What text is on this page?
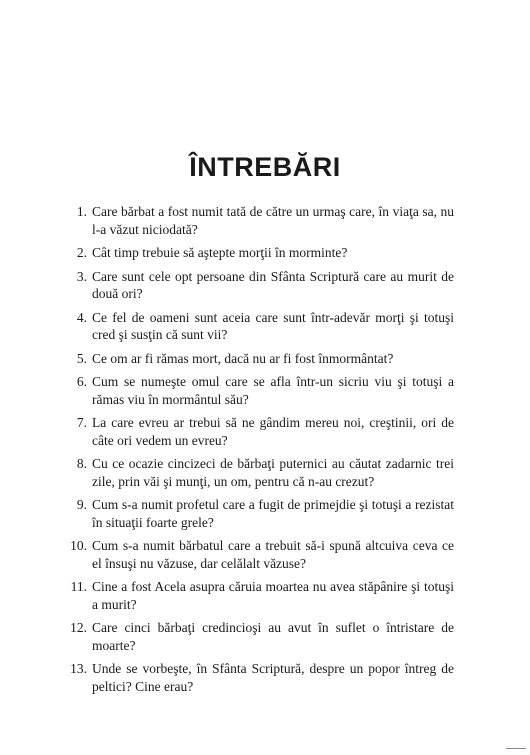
ÎNTREBĂRI
1. Care bărbat a fost numit tată de către un urmaş care, în viaţa sa, nu l-a văzut niciodată?
2. Cât timp trebuie să aştepte morţii în morminte?
3. Care sunt cele opt persoane din Sfânta Scriptură care au murit de două ori?
4. Ce fel de oameni sunt aceia care sunt într-adevăr morţi şi totuşi cred şi susţin că sunt vii?
5. Ce om ar fi rămas mort, dacă nu ar fi fost înmormântat?
6. Cum se numeşte omul care se afla într-un sicriu viu şi totuşi a rămas viu în mormântul său?
7. La care evreu ar trebui să ne gândim mereu noi, creştinii, ori de câte ori vedem un evreu?
8. Cu ce ocazie cincizeci de bărbaţi puternici au căutat zadarnic trei zile, prin văi şi munţi, un om, pentru că n-au crezut?
9. Cum s-a numit profetul care a fugit de primejdie şi totuşi a rezistat în situaţii foarte grele?
10. Cum s-a numit bărbatul care a trebuit să-i spună altcuiva ceva ce el însuşi nu văzuse, dar celălalt văzuse?
11. Cine a fost Acela asupra căruia moartea nu avea stăpânire şi totuşi a murit?
12. Care cinci bărbaţi credincioşi au avut în suflet o întristare de moarte?
13. Unde se vorbeşte, în Sfânta Scriptură, despre un popor întreg de peltici? Cine erau?
